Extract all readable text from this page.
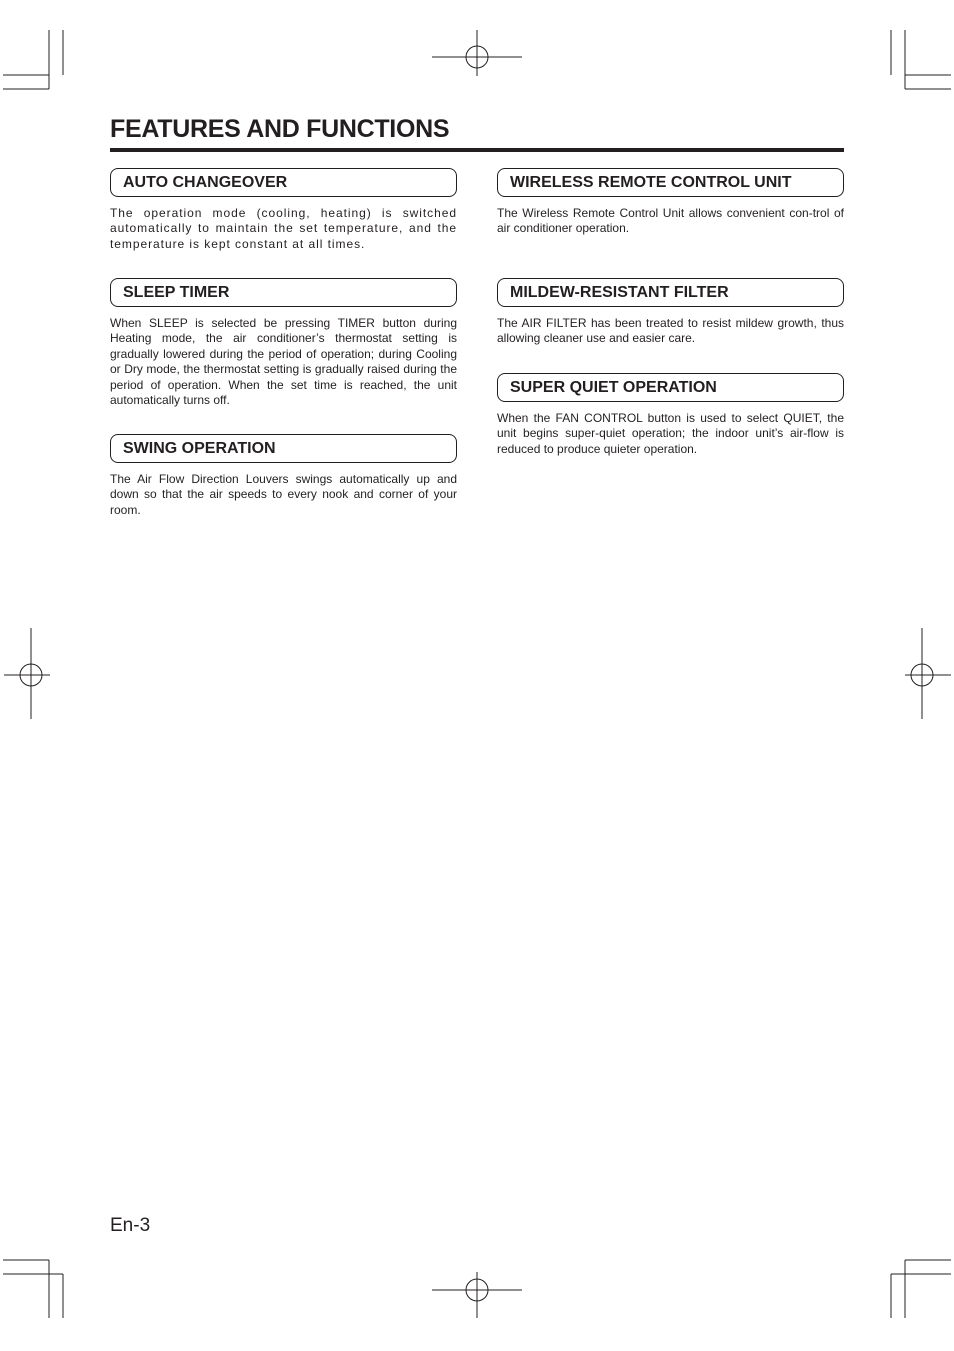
FEATURES AND FUNCTIONS
AUTO CHANGEOVER

The operation mode (cooling, heating) is switched automatically to maintain the set temperature, and the temperature is kept constant at all times.

SLEEP TIMER

When SLEEP is selected be pressing TIMER button during Heating mode, the air conditioner’s thermostat setting is gradually lowered during the period of operation; during Cooling or Dry mode, the thermostat setting is gradually raised during the period of operation. When the set time is reached, the unit automatically turns off.

SWING OPERATION

The Air Flow Direction Louvers swings automatically up and down so that the air speeds to every nook and corner of your room.

WIRELESS REMOTE CONTROL UNIT

The Wireless Remote Control Unit allows convenient con-trol of air conditioner operation.

MILDEW-RESISTANT FILTER

The AIR FILTER has been treated to resist mildew growth, thus allowing cleaner use and easier care.

SUPER QUIET OPERATION

When the FAN CONTROL button is used to select QUIET, the unit begins super-quiet operation; the indoor unit’s air-flow is reduced to produce quieter operation.

En-3
